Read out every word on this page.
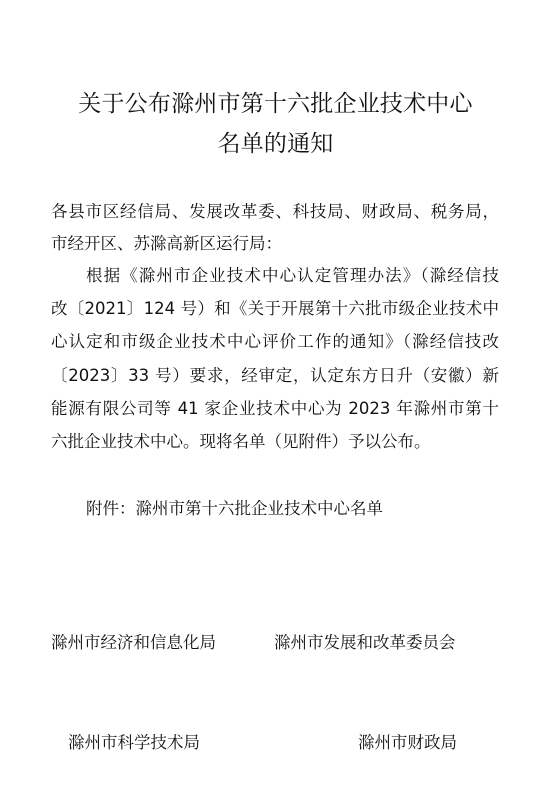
关于公布滁州市第十六批企业技术中心
名单的通知
各县市区经信局、发展改革委、科技局、财政局、税务局，
市经开区、苏滁高新区运行局：
根据《滁州市企业技术中心认定管理办法》（滁经信技
改〔2021〕124 号）和《关于开展第十六批市级企业技术中
心认定和市级企业技术中心评价工作的通知》（滁经信技改
〔2023〕33 号）要求，经审定，认定东方日升（安徽）新
能源有限公司等 41 家企业技术中心为 2023 年滁州市第十
六批企业技术中心。现将名单（见附件）予以公布。
附件：滁州市第十六批企业技术中心名单
滁州市经济和信息化局	滁州市发展和改革委员会
滁州市科学技术局	滁州市财政局
